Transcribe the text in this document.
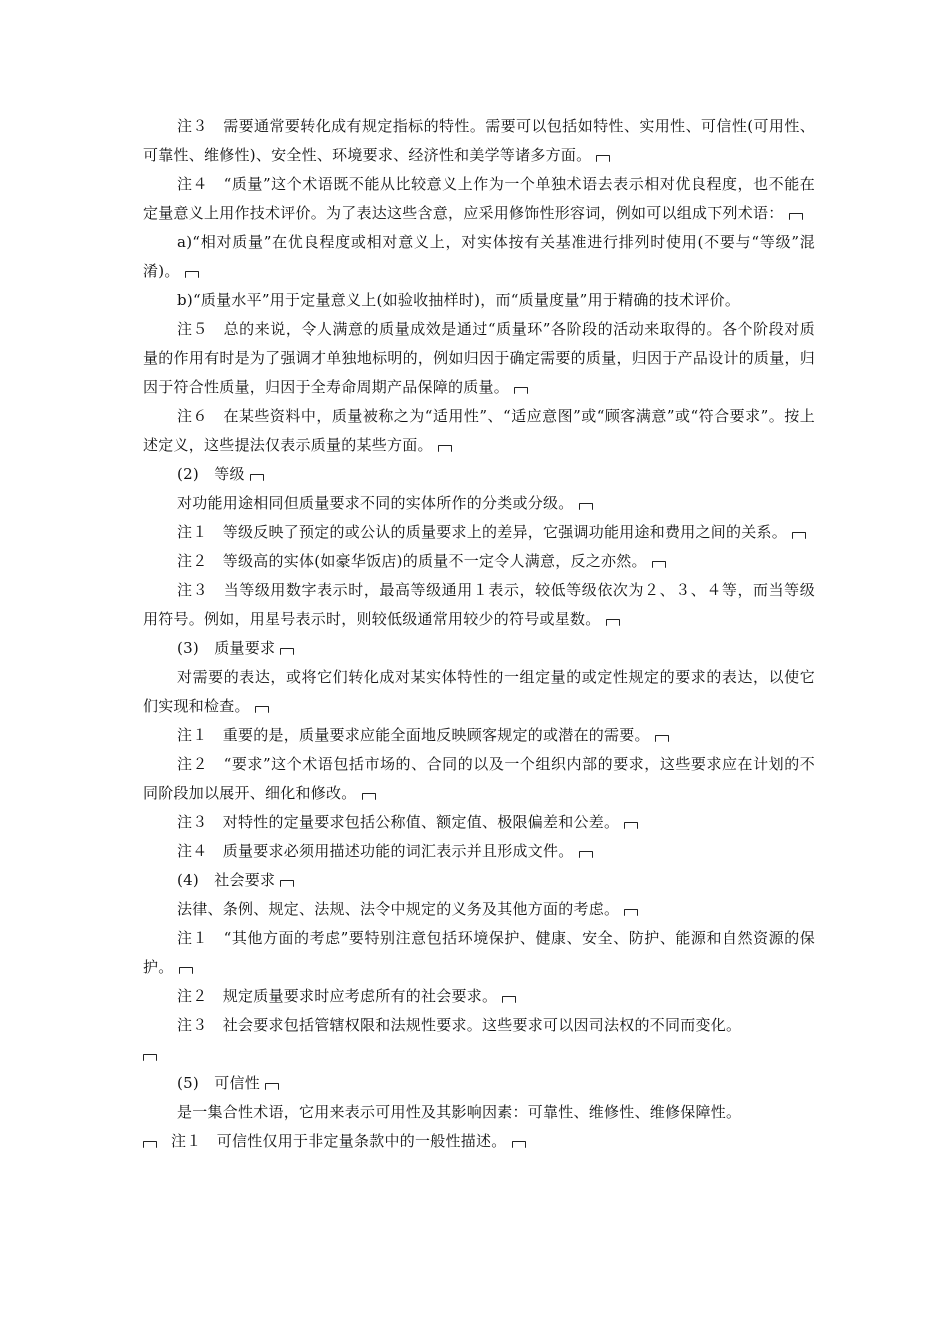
注３　需要通常要转化成有规定指标的特性。需要可以包括如特性、实用性、可信性(可用性、可靠性、维修性)、安全性、环境要求、经济性和美学等诸多方面。

注４　“质量”这个术语既不能从比较意义上作为一个单独术语去表示相对优良程度，也不能在定量意义上用作技术评价。为了表达这些含意，应采用修饰性形容词，例如可以组成下列术语：

a)“相对质量”在优良程度或相对意义上，对实体按有关基准进行排列时使用(不要与“等级”混淆)。

b)“质量水平”用于定量意义上(如验收抽样时)，而“质量度量”用于精确的技术评价。

注５　总的来说，令人满意的质量成效是通过“质量环”各阶段的活动来取得的。各个阶段对质量的作用有时是为了强调才单独地标明的，例如归因于确定需要的质量，归因于产品设计的质量，归因于符合性质量，归因于全寿命周期产品保障的质量。

注６　在某些资料中，质量被称之为“适用性”、“适应意图”或“顾客满意”或“符合要求”。按上述定义，这些提法仅表示质量的某些方面。

(2)　等级

对功能用途相同但质量要求不同的实体所作的分类或分级。

注１　等级反映了预定的或公认的质量要求上的差异，它强调功能用途和费用之间的关系。

注２　等级高的实体(如豪华饭店)的质量不一定令人满意，反之亦然。

注３　当等级用数字表示时，最高等级通用１表示，较低等级依次为２、３、４等，而当等级用符号。例如，用星号表示时，则较低级通常用较少的符号或星数。

(3)　质量要求

对需要的表达，或将它们转化成对某实体特性的一组定量的或定性规定的要求的表达，以使它们实现和检查。

注１　重要的是，质量要求应能全面地反映顾客规定的或潜在的需要。

注２　“要求”这个术语包括市场的、合同的以及一个组织内部的要求，这些要求应在计划的不同阶段加以展开、细化和修改。

注３　对特性的定量要求包括公称值、额定值、极限偏差和公差。

注４　质量要求必须用描述功能的词汇表示并且形成文件。

(4)　社会要求

法律、条例、规定、法规、法令中规定的义务及其他方面的考虑。

注１　“其他方面的考虑”要特别注意包括环境保护、健康、安全、防护、能源和自然资源的保护。

注２　规定质量要求时应考虑所有的社会要求。

注３　社会要求包括管辖权限和法规性要求。这些要求可以因司法权的不同而变化。

(5)　可信性

是一集合性术语，它用来表示可用性及其影响因素：可靠性、维修性、维修保障性。

注１　可信性仅用于非定量条款中的一般性描述。
